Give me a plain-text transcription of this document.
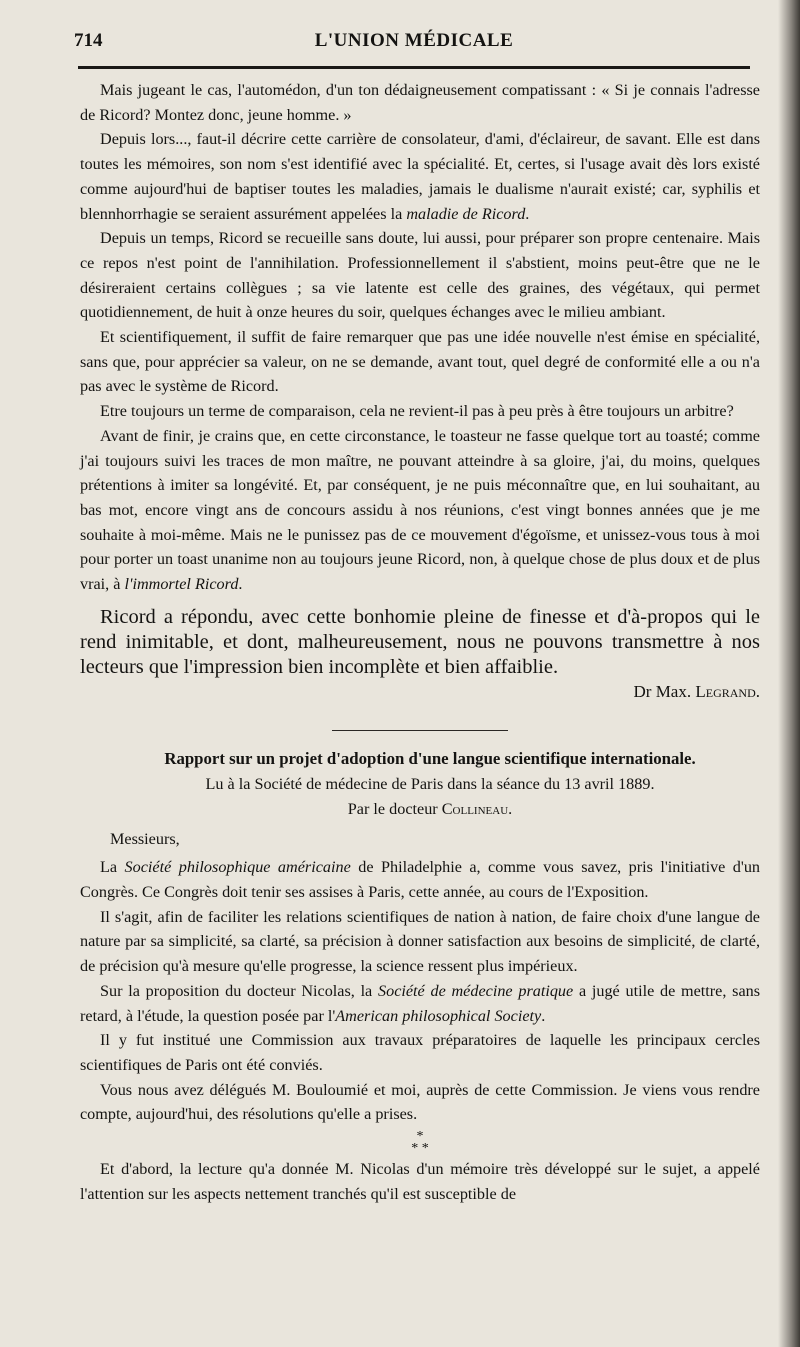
714	L'UNION MÉDICALE

Mais jugeant le cas, l'automédon, d'un ton dédaigneusement compatissant : « Si je connais l'adresse de Ricord? Montez donc, jeune homme. »

Depuis lors..., faut-il décrire cette carrière de consolateur, d'ami, d'éclaireur, de savant. Elle est dans toutes les mémoires, son nom s'est identifié avec la spécialité. Et, certes, si l'usage avait dès lors existé comme aujourd'hui de baptiser toutes les maladies, jamais le dualisme n'aurait existé; car, syphilis et blennhorrhagie se seraient assurément appelées la maladie de Ricord.

Depuis un temps, Ricord se recueille sans doute, lui aussi, pour préparer son propre centenaire. Mais ce repos n'est point de l'annihilation. Professionnellement il s'abstient, moins peut-être que ne le désireraient certains collègues ; sa vie latente est celle des graines, des végétaux, qui permet quotidiennement, de huit à onze heures du soir, quelques échanges avec le milieu ambiant.

Et scientifiquement, il suffit de faire remarquer que pas une idée nouvelle n'est émise en spécialité, sans que, pour apprécier sa valeur, on ne se demande, avant tout, quel degré de conformité elle a ou n'a pas avec le système de Ricord.

Etre toujours un terme de comparaison, cela ne revient-il pas à peu près à être toujours un arbitre?

Avant de finir, je crains que, en cette circonstance, le toasteur ne fasse quelque tort au toasté; comme j'ai toujours suivi les traces de mon maître, ne pouvant atteindre à sa gloire, j'ai, du moins, quelques prétentions à imiter sa longévité. Et, par conséquent, je ne puis méconnaître que, en lui souhaitant, au bas mot, encore vingt ans de concours assidu à nos réunions, c'est vingt bonnes années que je me souhaite à moi-même. Mais ne le punissez pas de ce mouvement d'égoïsme, et unissez-vous tous à moi pour porter un toast unanime non au toujours jeune Ricord, non, à quelque chose de plus doux et de plus vrai, à l'immortel Ricord.

Ricord a répondu, avec cette bonhomie pleine de finesse et d'à-propos qui le rend inimitable, et dont, malheureusement, nous ne pouvons transmettre à nos lecteurs que l'impression bien incomplète et bien affaiblie.

Dr Max. Legrand.

Rapport sur un projet d'adoption d'une langue scientifique internationale.

Lu à la Société de médecine de Paris dans la séance du 13 avril 1889.

Par le docteur Collineau.

Messieurs,

La Société philosophique américaine de Philadelphie a, comme vous savez, pris l'initiative d'un Congrès. Ce Congrès doit tenir ses assises à Paris, cette année, au cours de l'Exposition.

Il s'agit, afin de faciliter les relations scientifiques de nation à nation, de faire choix d'une langue de nature par sa simplicité, sa clarté, sa précision à donner satisfaction aux besoins de simplicité, de clarté, de précision qu'à mesure qu'elle progresse, la science ressent plus impérieux.

Sur la proposition du docteur Nicolas, la Société de médecine pratique a jugé utile de mettre, sans retard, à l'étude, la question posée par l'American philosophical Society.

Il y fut institué une Commission aux travaux préparatoires de laquelle les principaux cercles scientifiques de Paris ont été conviés.

Vous nous avez délégués M. Bouloumié et moi, auprès de cette Commission. Je viens vous rendre compte, aujourd'hui, des résolutions qu'elle a prises.

*
* *

Et d'abord, la lecture qu'a donnée M. Nicolas d'un mémoire très développé sur le sujet, a appelé l'attention sur les aspects nettement tranchés qu'il est susceptible de
